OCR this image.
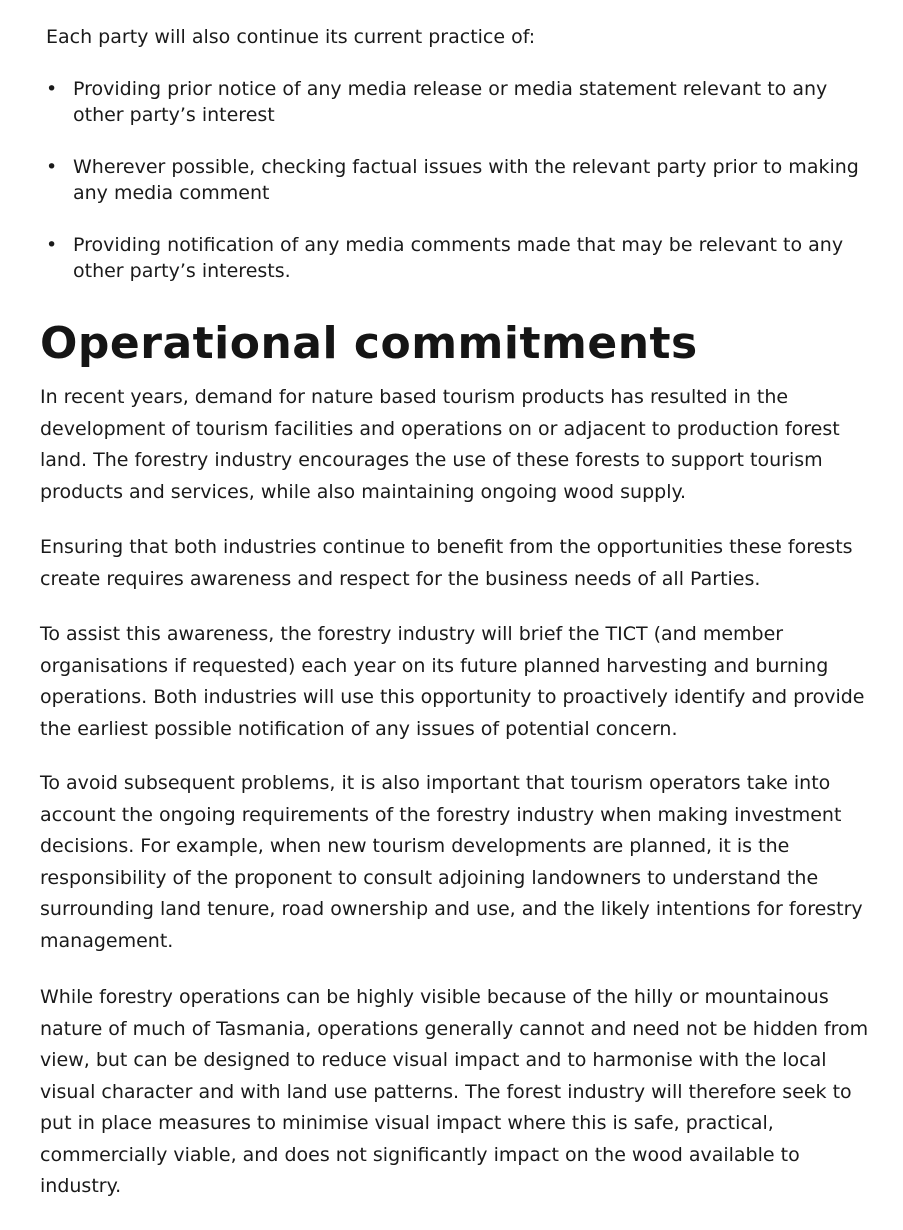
Each party will also continue its current practice of:

• Providing prior notice of any media release or media statement relevant to any other party’s interest
• Wherever possible, checking factual issues with the relevant party prior to making any media comment
• Providing notification of any media comments made that may be relevant to any other party’s interests.
Operational commitments

In recent years, demand for nature based tourism products has resulted in the development of tourism facilities and operations on or adjacent to production forest land. The forestry industry encourages the use of these forests to support tourism products and services, while also maintaining ongoing wood supply.

Ensuring that both industries continue to benefit from the opportunities these forests create requires awareness and respect for the business needs of all Parties.

To assist this awareness, the forestry industry will brief the TICT (and member organisations if requested) each year on its future planned harvesting and burning operations. Both industries will use this opportunity to proactively identify and provide the earliest possible notification of any issues of potential concern.

To avoid subsequent problems, it is also important that tourism operators take into account the ongoing requirements of the forestry industry when making investment decisions. For example, when new tourism developments are planned, it is the responsibility of the proponent to consult adjoining landowners to understand the surrounding land tenure, road ownership and use, and the likely intentions for forestry management.

While forestry operations can be highly visible because of the hilly or mountainous nature of much of Tasmania, operations generally cannot and need not be hidden from view, but can be designed to reduce visual impact and to harmonise with the local visual character and with land use patterns. The forest industry will therefore seek to put in place measures to minimise visual impact where this is safe, practical, commercially viable, and does not significantly impact on the wood available to industry.
